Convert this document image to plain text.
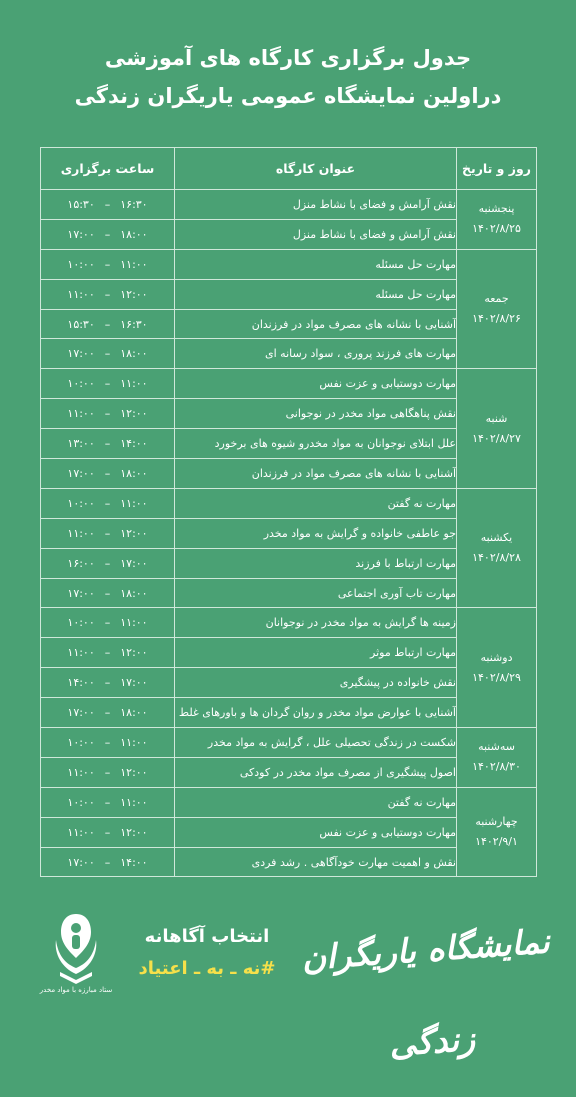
جدول برگزاری کارگاه های آموزشی
دراولین نمایشگاه عمومی یاریگران زندگی
روز و تاریخ	عنوان کارگاه	ساعت برگزاری

پنجشنبه
۱۴۰۲/۸/۲۵	نقش آرامش و فضای با نشاط منزل	۱۶:۳۰–۱۵:۳۰
	نقش آرامش و فضای با نشاط منزل	۱۸:۰۰–۱۷:۰۰

جمعه
۱۴۰۲/۸/۲۶	مهارت حل مسئله	۱۱:۰۰–۱۰:۰۰
	مهارت حل مسئله	۱۲:۰۰–۱۱:۰۰
	آشنایی با نشانه های مصرف مواد در فرزندان	۱۶:۳۰–۱۵:۳۰
	مهارت های فرزند پروری ، سواد رسانه ای	۱۸:۰۰–۱۷:۰۰

شنبه
۱۴۰۲/۸/۲۷	مهارت دوستیابی و عزت نفس	۱۱:۰۰–۱۰:۰۰
	نقش پناهگاهی مواد مخدر در نوجوانی	۱۲:۰۰–۱۱:۰۰
	علل ابتلای نوجوانان به مواد مخدرو شیوه های برخورد	۱۴:۰۰–۱۳:۰۰
	آشنایی با نشانه های مصرف مواد در فرزندان	۱۸:۰۰–۱۷:۰۰

یکشنبه
۱۴۰۲/۸/۲۸	مهارت نه گفتن	۱۱:۰۰–۱۰:۰۰
	جو عاطفی خانواده و گرایش به مواد مخدر	۱۲:۰۰–۱۱:۰۰
	مهارت ارتباط با فرزند	۱۷:۰۰–۱۶:۰۰
	مهارت تاب آوری اجتماعی	۱۸:۰۰–۱۷:۰۰

دوشنبه
۱۴۰۲/۸/۲۹	زمینه ها گرایش به مواد مخدر در نوجوانان	۱۱:۰۰–۱۰:۰۰
	مهارت ارتباط موثر	۱۲:۰۰–۱۱:۰۰
	نقش خانواده در پیشگیری	۱۷:۰۰–۱۴:۰۰
	آشنایی با عوارض مواد مخدر و روان گردان ها و باورهای غلط	۱۸:۰۰–۱۷:۰۰

سه‌شنبه
۱۴۰۲/۸/۳۰	شکست در زندگی تحصیلی علل ، گرایش به مواد مخدر	۱۱:۰۰–۱۰:۰۰
	اصول پیشگیری از مصرف مواد مخدر در کودکی	۱۲:۰۰–۱۱:۰۰

چهارشنبه
۱۴۰۲/۹/۱	مهارت نه گفتن	۱۱:۰۰–۱۰:۰۰
	مهارت دوستیابی و عزت نفس	۱۲:۰۰–۱۱:۰۰
	نقش و اهمیت مهارت خودآگاهی . رشد فردی	۱۴:۰۰–۱۷:۰۰
ستاد مبارزه با مواد مخدر
انتخاب آگاهانه
#نه ـ به ـ اعتیاد نمایشگاه یاریگران زندگی
